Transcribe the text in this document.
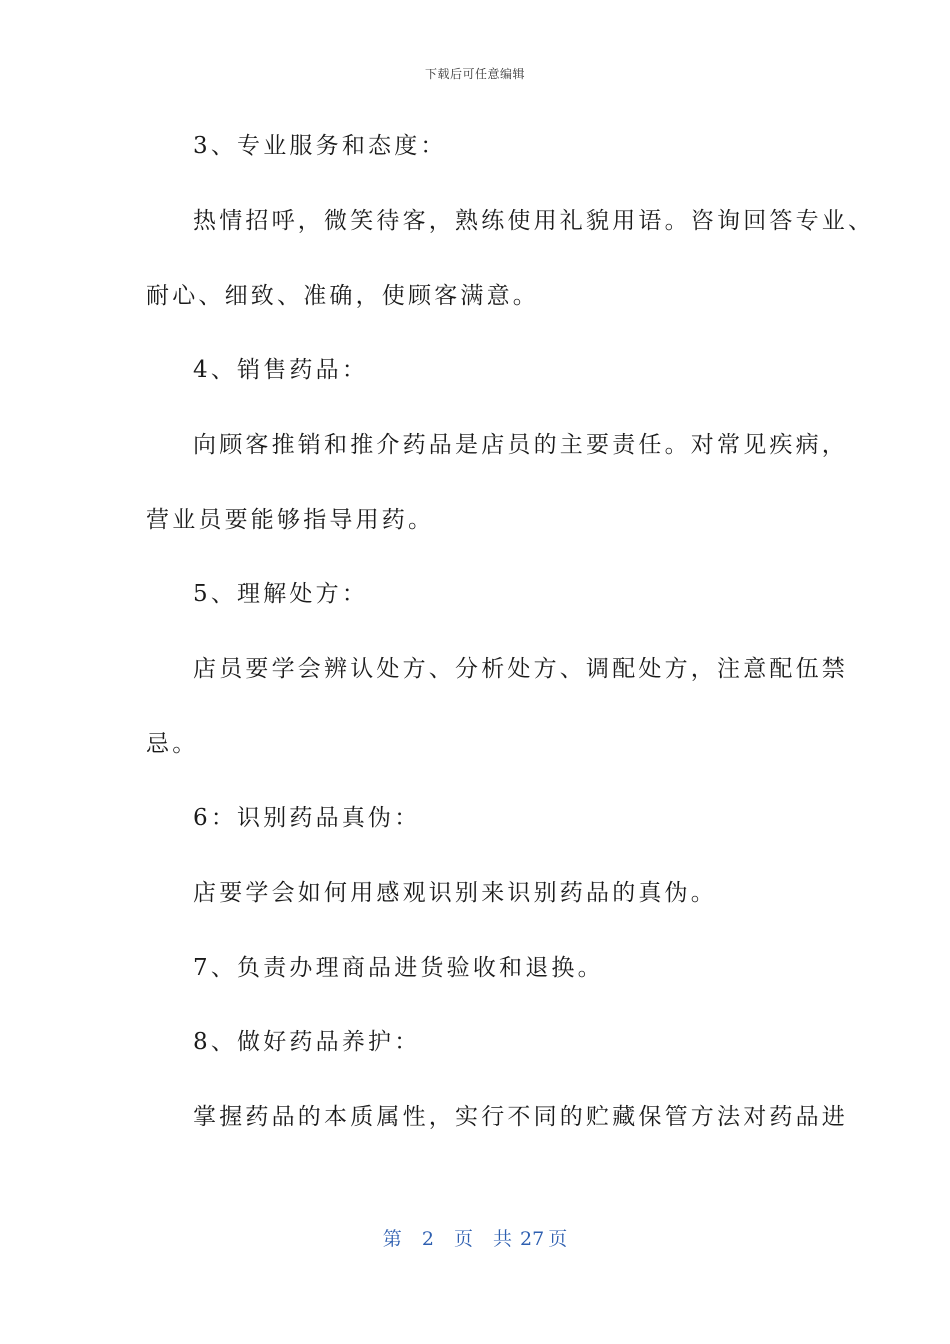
下载后可任意编辑
3、专业服务和态度：
热情招呼，微笑待客，熟练使用礼貌用语。咨询回答专业、
耐心、细致、准确，使顾客满意。
4、销售药品：
向顾客推销和推介药品是店员的主要责任。对常见疾病，
营业员要能够指导用药。
5、理解处方：
店员要学会辨认处方、分析处方、调配处方，注意配伍禁
忌。
6：识别药品真伪：
店要学会如何用感观识别来识别药品的真伪。
7、负责办理商品进货验收和退换。
8、做好药品养护：
掌握药品的本质属性，实行不同的贮藏保管方法对药品进
第 2 页 共 27 页
